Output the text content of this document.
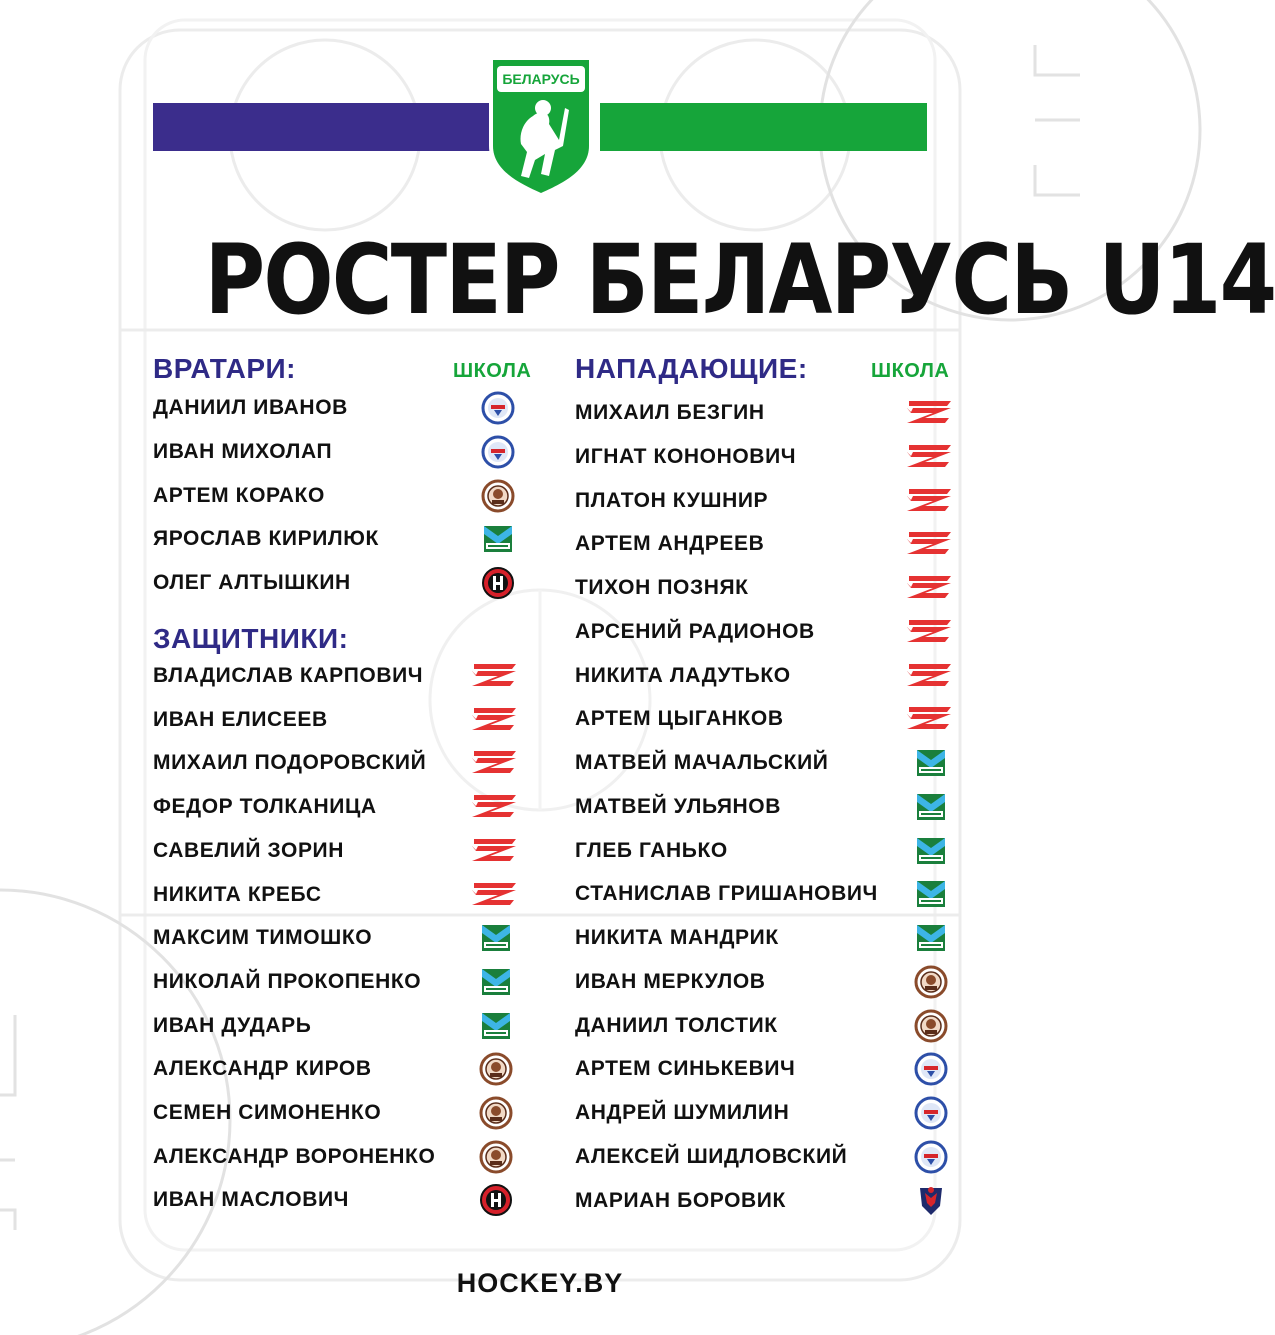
БЕЛАРУСЬ
РОСТЕР БЕЛАРУСЬ U14
ВРАТАРИ:	ШКОЛА
ДАНИИЛ ИВАНОВ
ИВАН МИХОЛАП
АРТЕМ КОРАКО
ЯРОСЛАВ КИРИЛЮК
ОЛЕГ АЛТЫШКИН
ЗАЩИТНИКИ:
ВЛАДИСЛАВ КАРПОВИЧ
ИВАН ЕЛИСЕЕВ
МИХАИЛ ПОДОРОВСКИЙ
ФЕДОР ТОЛКАНИЦА
САВЕЛИЙ ЗОРИН
НИКИТА КРЕБС
МАКСИМ ТИМОШКО
НИКОЛАЙ ПРОКОПЕНКО
ИВАН ДУДАРЬ
АЛЕКСАНДР КИРОВ
СЕМЕН СИМОНЕНКО
АЛЕКСАНДР ВОРОНЕНКО
ИВАН МАСЛОВИЧ
НАПАДАЮЩИЕ:	ШКОЛА
МИХАИЛ БЕЗГИН
ИГНАТ КОНОНОВИЧ
ПЛАТОН КУШНИР
АРТЕМ АНДРЕЕВ
ТИХОН ПОЗНЯК
АРСЕНИЙ РАДИОНОВ
НИКИТА ЛАДУТЬКО
АРТЕМ ЦЫГАНКОВ
МАТВЕЙ МАЧАЛЬСКИЙ
МАТВЕЙ УЛЬЯНОВ
ГЛЕБ ГАНЬКО
СТАНИСЛАВ ГРИШАНОВИЧ
НИКИТА МАНДРИК
ИВАН МЕРКУЛОВ
ДАНИИЛ ТОЛСТИК
АРТЕМ СИНЬКЕВИЧ
АНДРЕЙ ШУМИЛИН
АЛЕКСЕЙ ШИДЛОВСКИЙ
МАРИАН БОРОВИК
HOCKEY.BY
